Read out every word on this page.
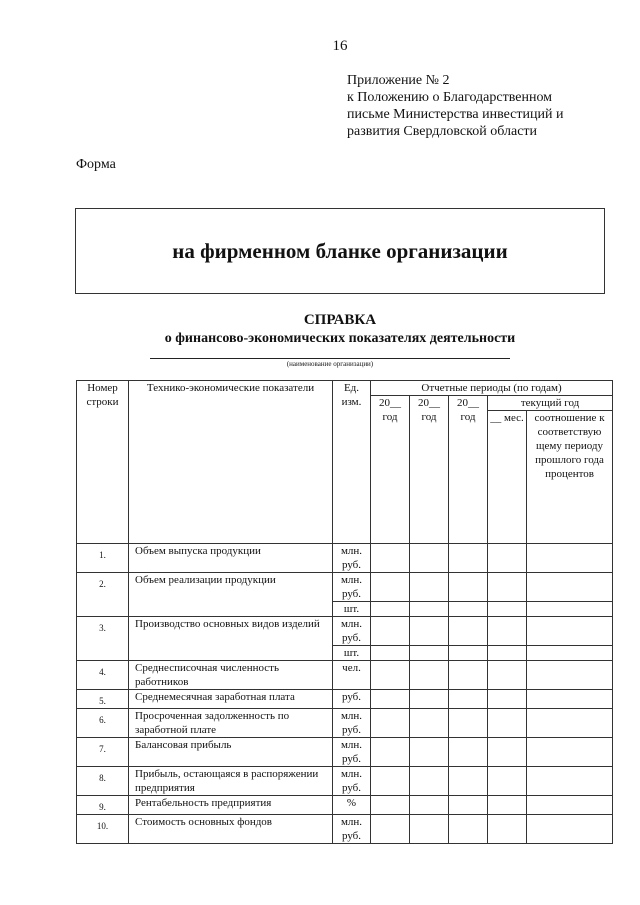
16
Приложение № 2
к Положению о Благодарственном
письме Министерства инвестиций и
развития Свердловской области
Форма
на фирменном бланке организации
СПРАВКА
о финансово-экономических показателях деятельности
(наименование организации)
Номер строки	Технико-экономические показатели	Ед. изм.	Отчетные периоды (по годам)				
			20__ год	20__ год	20__ год	текущий год	
						__ мес.	соотношение к соответствую щему периоду прошлого года процентов
1.	Объем выпуска продукции	млн. руб.					
2.	Объем реализации продукции	млн. руб.					
		шт.					
3.	Производство основных видов изделий	млн. руб.					
		шт.					
4.	Среднесписочная численность работников	чел.					
5.	Среднемесячная заработная плата	руб.					
6.	Просроченная задолженность по заработной плате	млн. руб.					
7.	Балансовая прибыль	млн. руб.					
8.	Прибыль, остающаяся в распоряжении предприятия	млн. руб.					
9.	Рентабельность предприятия	%					
10.	Стоимость основных фондов	млн. руб.					
